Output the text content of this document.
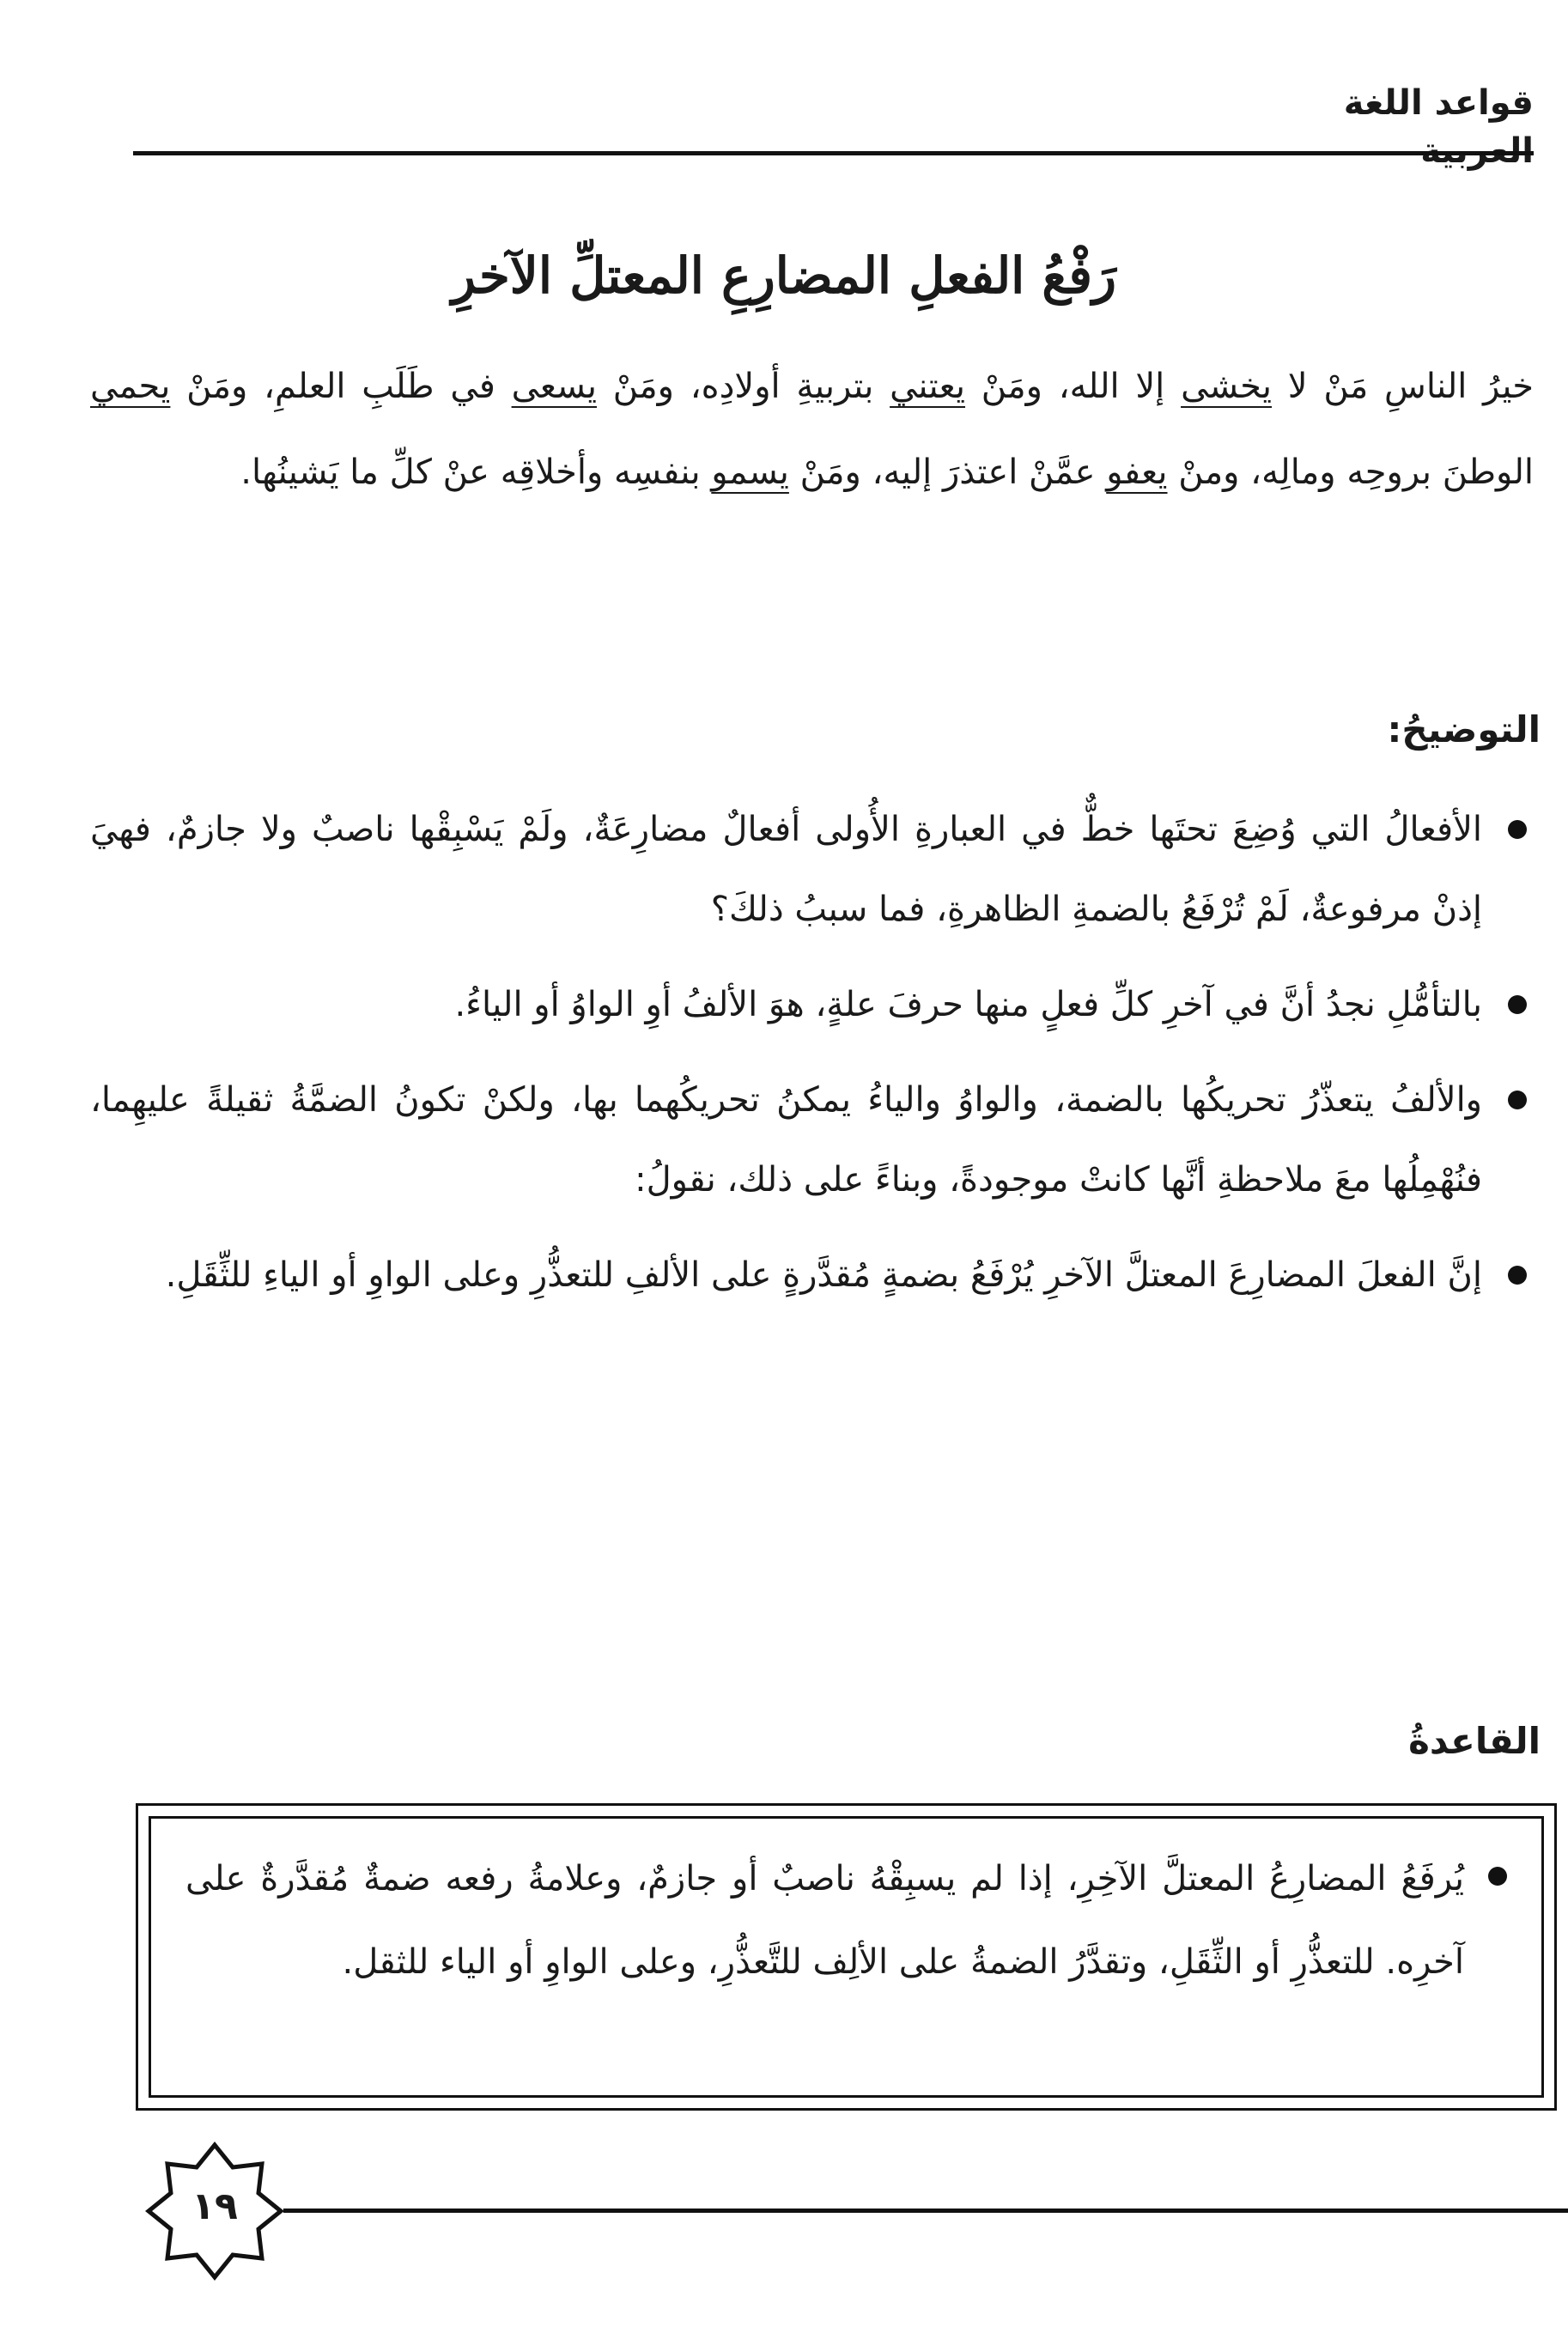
قواعد اللغة العربية
رَفْعُ الفعلِ المضارِعِ المعتلِّ الآخرِ
خيرُ الناسِ مَنْ لا يخشى إلا الله، ومَنْ يعتني بتربيةِ أولادِه، ومَنْ يسعى في طَلَبِ العلمِ، ومَنْ يحمي الوطنَ بروحِه ومالِه، ومنْ يعفو عمَّنْ اعتذرَ إليه، ومَنْ يسمو بنفسِه وأخلاقِه عنْ كلِّ ما يَشينُها.
التوضيحُ:
الأفعالُ التي وُضِعَ تحتَها خطٌّ في العبارةِ الأُولى أفعالٌ مضارِعَةٌ، ولَمْ يَسْبِقْها ناصبٌ ولا جازمٌ، فهيَ إذنْ مرفوعةٌ، لَمْ تُرْفَعُ بالضمةِ الظاهرةِ، فما سببُ ذلكَ؟
بالتأمُّلِ نجدُ أنَّ في آخرِ كلِّ فعلٍ منها حرفَ علةٍ، هوَ الألفُ أوِ الواوُ أو الياءُ.
والألفُ يتعذّرُ تحريكُها بالضمة، والواوُ والياءُ يمكنُ تحريكُهما بها، ولكنْ تكونُ الضمَّةُ ثقيلةً عليهِما، فنُهْمِلُها معَ ملاحظةِ أنَّها كانتْ موجودةً، وبناءً على ذلك، نقولُ:
إنَّ الفعلَ المضارِعَ المعتلَّ الآخرِ يُرْفَعُ بضمةٍ مُقدَّرةٍ على الألفِ للتعذُّرِ وعلى الواوِ أو الياءِ للثِّقَلِ.
القاعدةُ
يُرفَعُ المضارِعُ المعتلَّ الآخِرِ، إذا لم يسبِقْهُ ناصبٌ أو جازمٌ، وعلامةُ رفعه ضمةٌ مُقدَّرةٌ على آخرِه. للتعذُّرِ أو الثِّقَلِ، وتقدَّرُ الضمةُ على الألِف للتَّعذُّرِ، وعلى الواوِ أو الياء للثقل.
١٩
